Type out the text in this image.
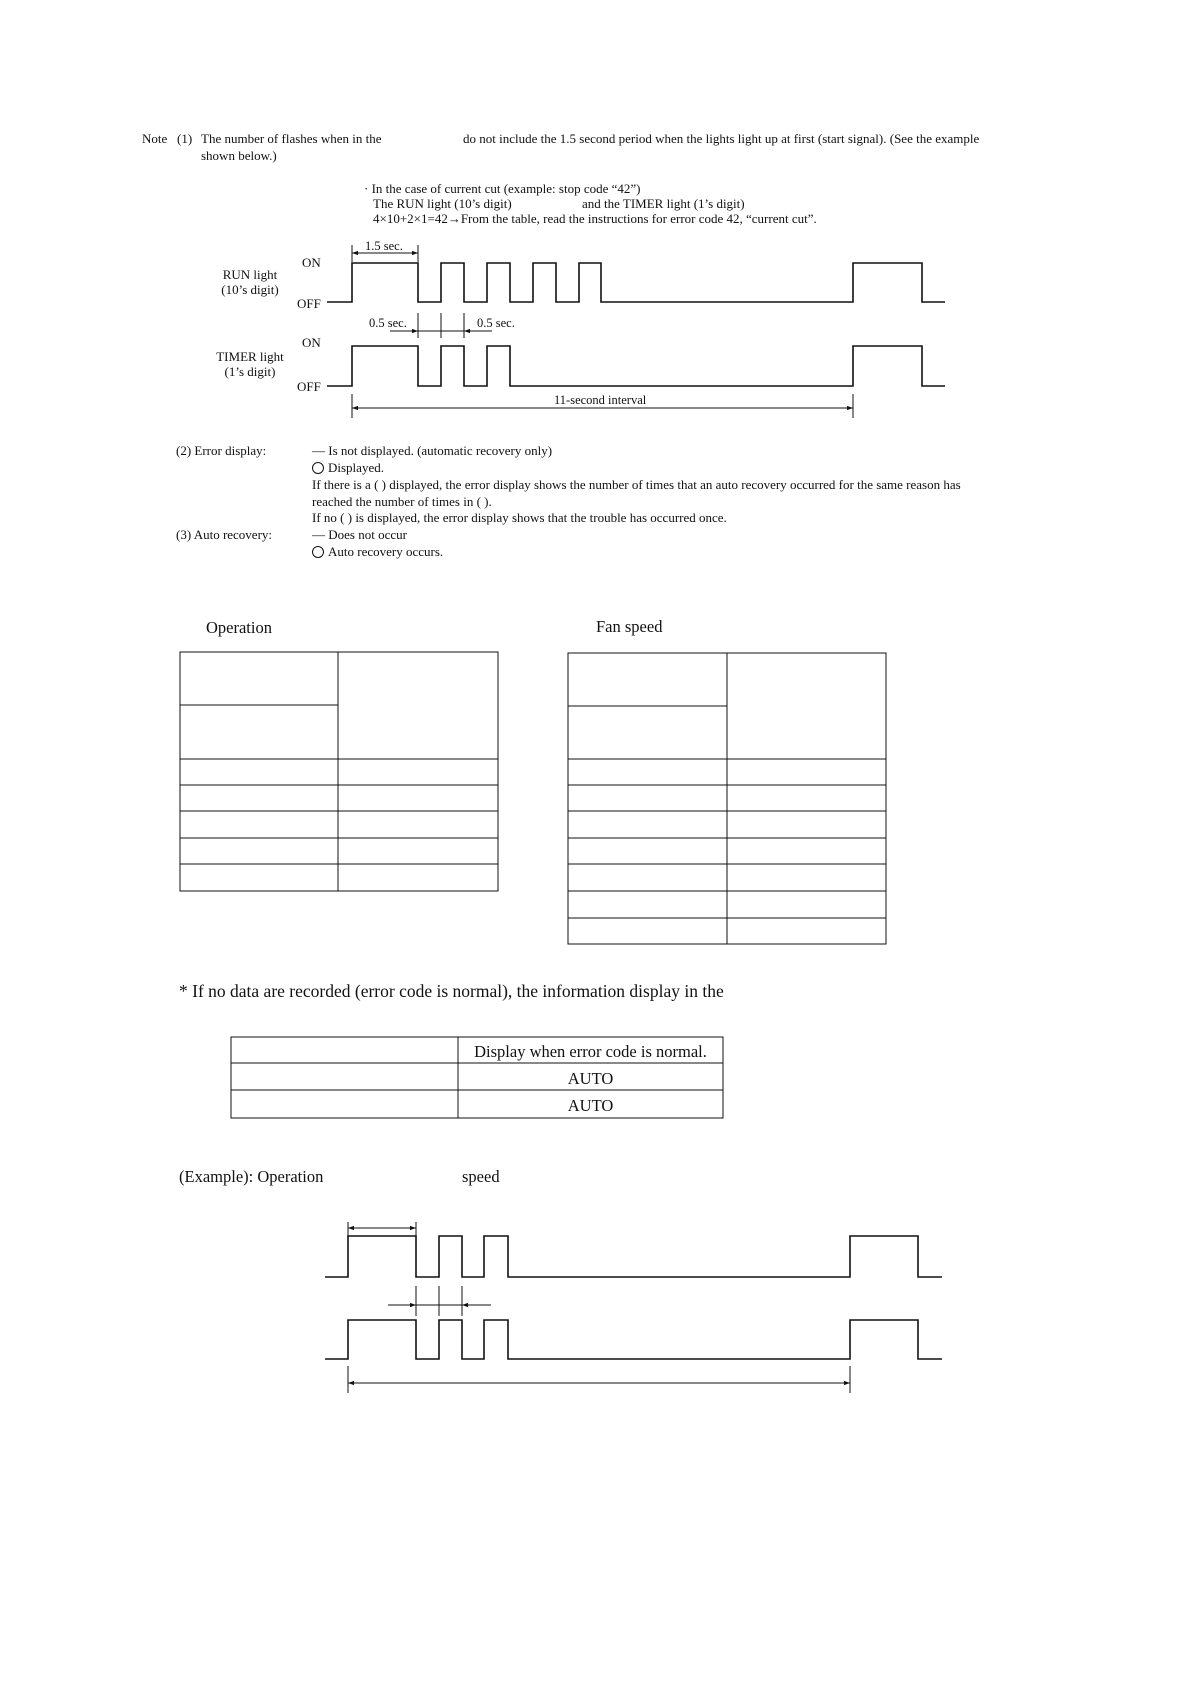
Note (1) The number of flashes when in the	do not include the 1.5 second period when the lights light up at first (start signal). (See the example
shown below.)
· In the case of current cut (example: stop code “42”)
The RUN light (10’s digit)	and the TIMER light (1’s digit)
4×10+2×1=42→From the table, read the instructions for error code 42, “current cut”.
RUN light
(10’s digit)
TIMER light
(1’s digit)
ON
OFF
ON
OFF
1.5 sec.
0.5 sec.	0.5 sec.
11-second interval
(2) Error display:	— Is not displayed. (automatic recovery only)
Displayed.
If there is a ( ) displayed, the error display shows the number of times that an auto recovery occurred for the same reason has
reached the number of times in ( ).
If no ( ) is displayed, the error display shows that the trouble has occurred once.
(3) Auto recovery:	— Does not occur
Auto recovery occurs.
Operation	Fan speed
* If no data are recorded (error code is normal), the information display in the
Display when error code is normal.
AUTO
AUTO
(Example): Operation	speed
